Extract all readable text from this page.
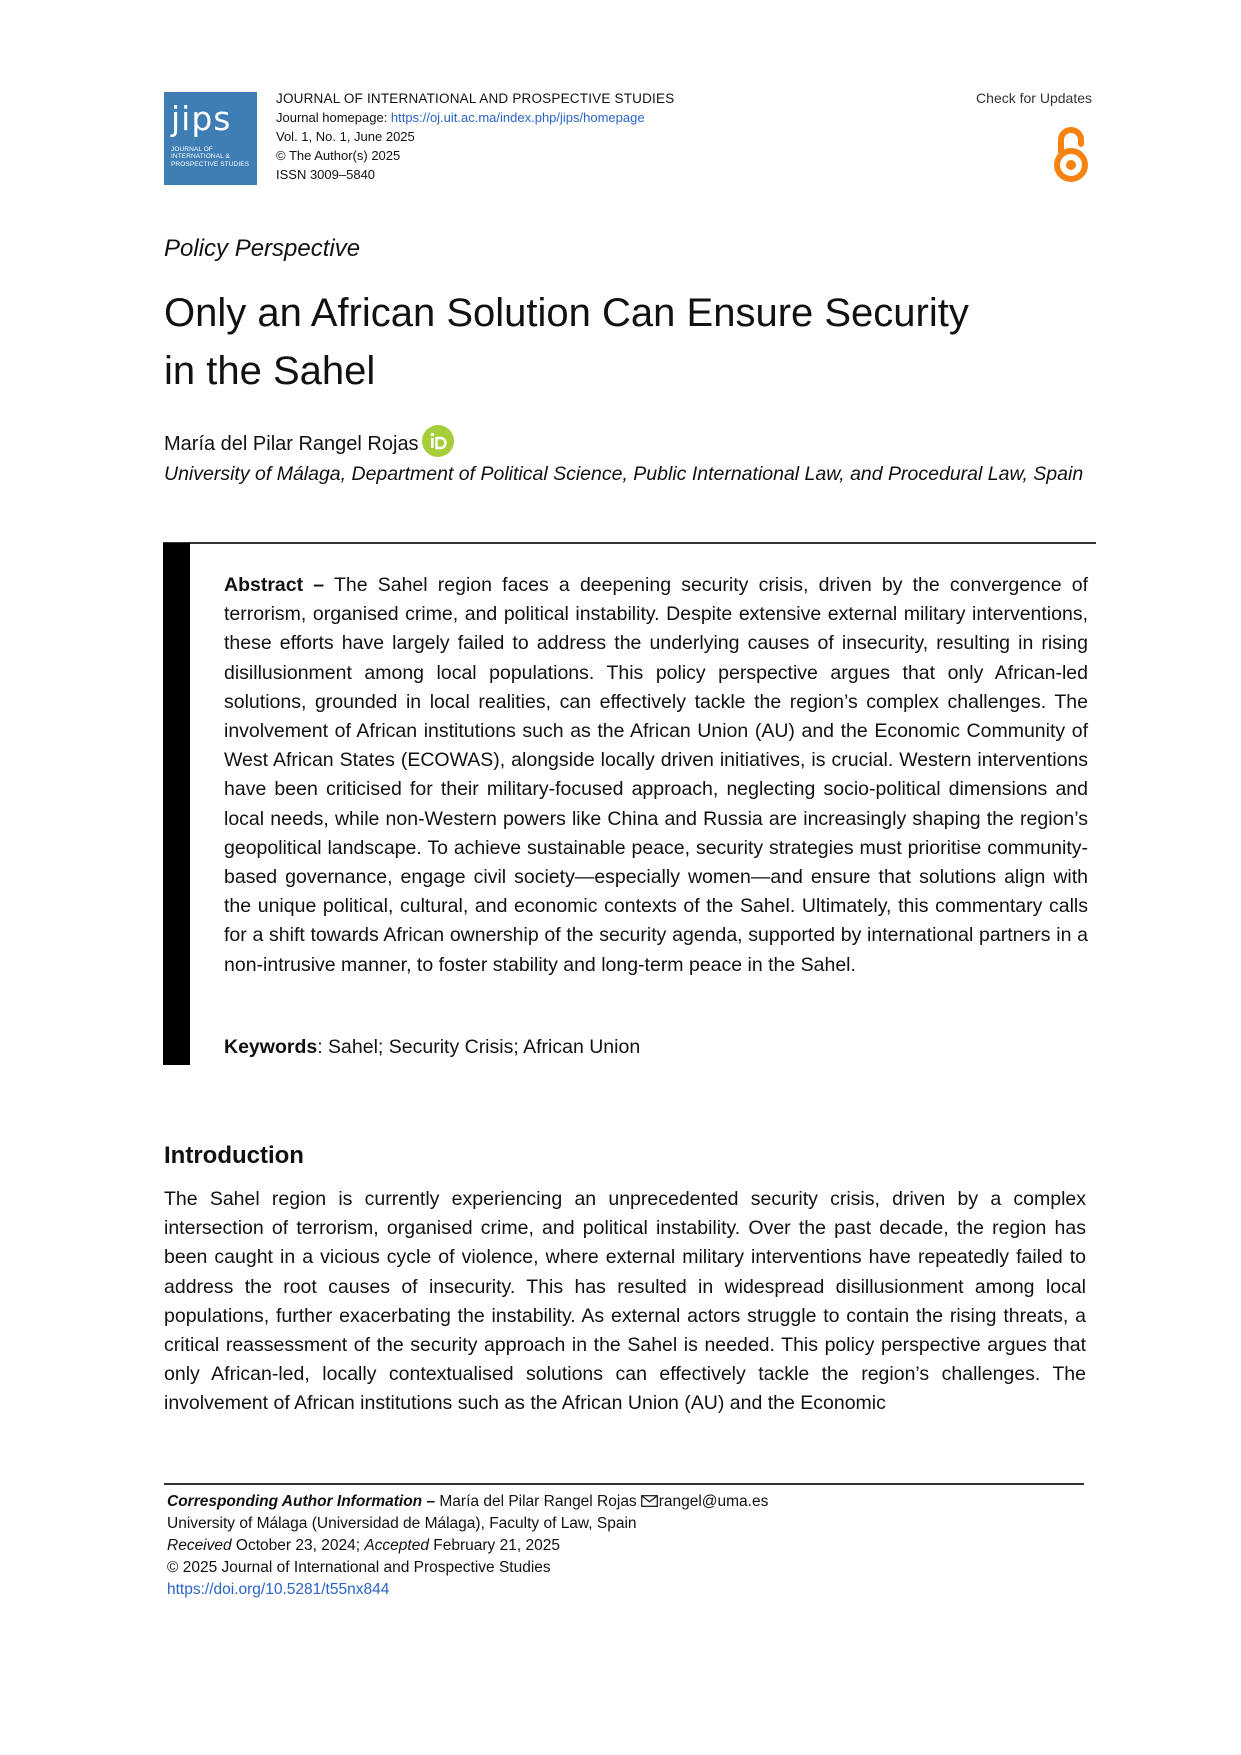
jips
JOURNAL OF INTERNATIONAL & PROSPECTIVE STUDIES
JOURNAL OF INTERNATIONAL AND PROSPECTIVE STUDIES
Journal homepage: https://oj.uit.ac.ma/index.php/jips/homepage
Vol. 1, No. 1, June 2025
© The Author(s) 2025
ISSN 3009–5840
Check for Updates
Policy Perspective
Only an African Solution Can Ensure Security
in the Sahel
María del Pilar Rangel Rojas
University of Málaga, Department of Political Science, Public International Law, and Procedural Law, Spain

Abstract – The Sahel region faces a deepening security crisis, driven by the convergence of terrorism, organised crime, and political instability. Despite extensive external military interventions, these efforts have largely failed to address the underlying causes of insecurity, resulting in rising disillusionment among local populations. This policy perspective argues that only African-led solutions, grounded in local realities, can effectively tackle the region’s complex challenges. The involvement of African institutions such as the African Union (AU) and the Economic Community of West African States (ECOWAS), alongside locally driven initiatives, is crucial. Western interventions have been criticised for their military-focused approach, neglecting socio-political dimensions and local needs, while non-Western powers like China and Russia are increasingly shaping the region’s geopolitical landscape. To achieve sustainable peace, security strategies must prioritise community-based governance, engage civil society—especially women—and ensure that solutions align with the unique political, cultural, and economic contexts of the Sahel. Ultimately, this commentary calls for a shift towards African ownership of the security agenda, supported by international partners in a non-intrusive manner, to foster stability and long-term peace in the Sahel.

Keywords: Sahel; Security Crisis; African Union
Introduction

The Sahel region is currently experiencing an unprecedented security crisis, driven by a complex intersection of terrorism, organised crime, and political instability. Over the past decade, the region has been caught in a vicious cycle of violence, where external military interventions have repeatedly failed to address the root causes of insecurity. This has resulted in widespread disillusionment among local populations, further exacerbating the instability. As external actors struggle to contain the rising threats, a critical reassessment of the security approach in the Sahel is needed. This policy perspective argues that only African-led, locally contextualised solutions can effectively tackle the region’s challenges. The involvement of African institutions such as the African Union (AU) and the Economic

Corresponding Author Information – María del Pilar Rangel Rojas rangel@uma.es
University of Málaga (Universidad de Málaga), Faculty of Law, Spain
Received October 23, 2024; Accepted February 21, 2025
© 2025 Journal of International and Prospective Studies
https://doi.org/10.5281/t55nx844
